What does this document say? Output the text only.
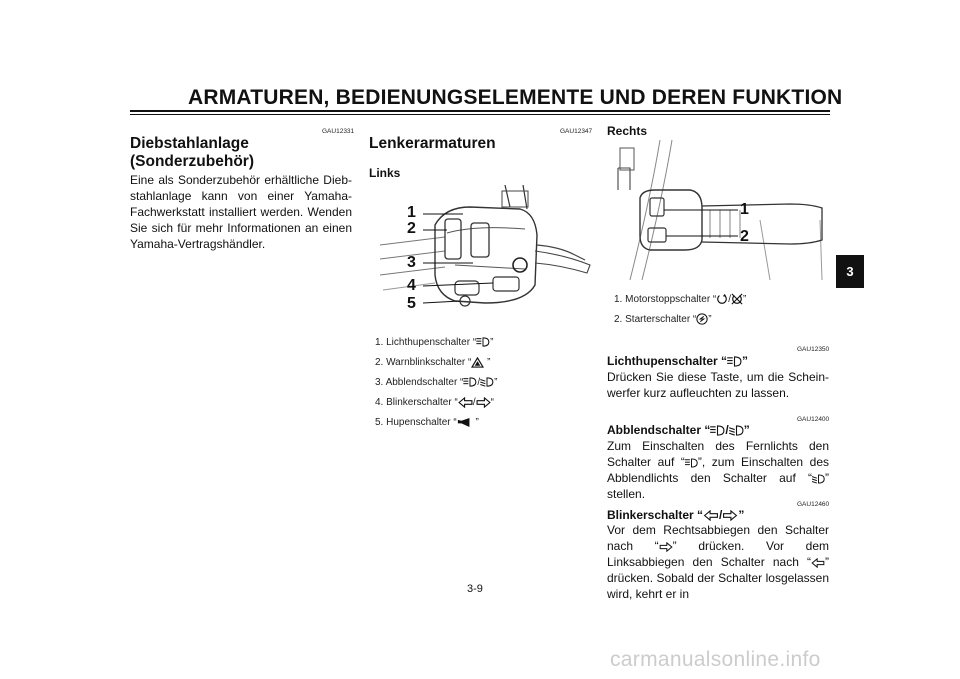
ARMATUREN, BEDIENUNGSELEMENTE UND DEREN FUNKTION
GAU12331
Diebstahlanlage
(Sonderzubehör)
Eine als Sonderzubehör erhältliche Diebstahlanlage kann von einer Yamaha-Fachwerkstatt installiert werden. Wenden Sie sich für mehr Informationen an einen Yamaha-Vertragshändler.
GAU12347
Lenkerarmaturen
Links
1
2
3
4
5
1. Lichthupenschalter “ ”
2. Warnblinkschalter “ ”
3. Abblendschalter “ / ”
4. Blinkerschalter “ / “
5. Hupenschalter “ ”
Rechts
1
2
1. Motorstoppschalter “ / ”
2. Starterschalter “ ”
GAU12350
Lichthupenschalter “ ”
Drücken Sie diese Taste, um die Scheinwerfer kurz aufleuchten zu lassen.
GAU12400
Abblendschalter “ / ”
Zum Einschalten des Fernlichts den Schalter auf “ ”, zum Einschalten des Abblendlichts den Schalter auf “ ” stellen.
GAU12460
Blinkerschalter “ / ”
Vor dem Rechtsabbiegen den Schalter nach “ ” drücken. Vor dem Linksabbiegen den Schalter nach “ ” drücken. Sobald der Schalter losgelassen wird, kehrt er in
3
3-9
carmanualsonline.info
